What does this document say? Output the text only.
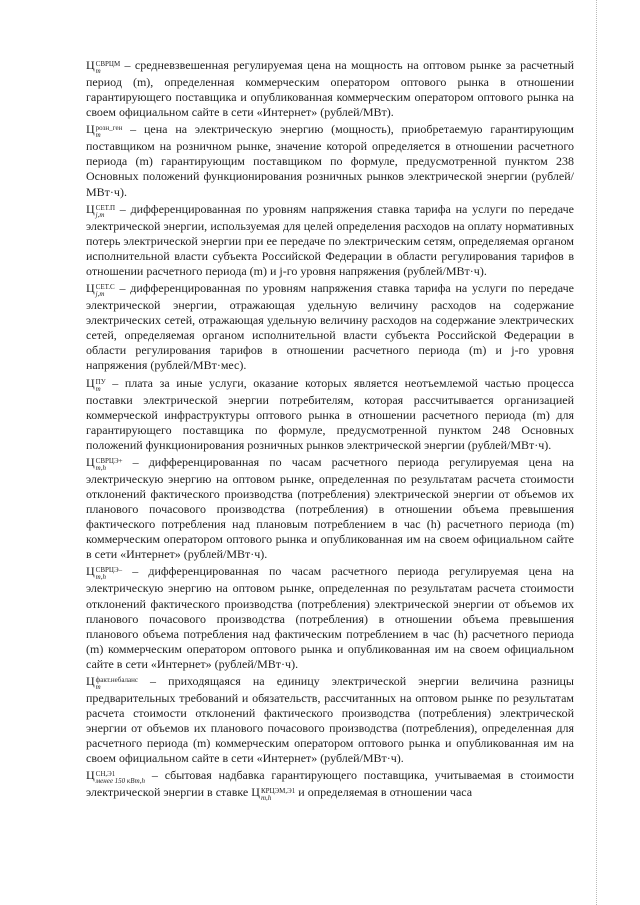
Ц СВРЦМ
m	– средневзвешенная регулируемая цена на мощность на оптовом рынке за расчетный период (m), определенная коммерческим оператором оптового рынка в отношении гарантирующего поставщика и опубликованная коммерческим оператором оптового рынка на своем официальном сайте в сети «Интернет» (рублей/МВт).

Ц розн_ген
m	– цена на электрическую энергию (мощность), приобретаемую гарантирующим поставщиком на розничном рынке, значение которой определяется в отношении расчетного периода (m) гарантирующим поставщиком по формуле, предусмотренной пунктом 238 Основных положений функционирования розничных рынков электрической энергии (рублей/МВт·ч).

Ц СЕТ.П
j,m – дифференцированная по уровням напряжения ставка тарифа на услуги по передаче электрической энергии, используемая для целей определения расходов на оплату нормативных потерь электрической энергии при ее передаче по электрическим сетям, определяемая органом исполнительной власти субъекта Российской Федерации в области регулирования тарифов в отношении расчетного периода (m) и j-го уровня напряжения (рублей/МВт·ч).

Ц СЕТ.С
j,m – дифференцированная по уровням напряжения ставка тарифа на услуги по передаче электрической энергии, отражающая удельную величину расходов на содержание электрических сетей, отражающая удельную величину расходов на содержание электрических сетей, определяемая органом исполнительной власти субъекта Российской Федерации в области регулирования тарифов в отношении расчетного периода (m) и j-го уровня напряжения (рублей/МВт·мес).

Ц ПУ
m – плата за иные услуги, оказание которых является неотъемлемой частью процесса поставки электрической энергии потребителям, которая рассчитывается организацией коммерческой инфраструктуры оптового рынка в отношении расчетного периода (m) для гарантирующего поставщика по формуле, предусмотренной пунктом 248 Основных положений функционирования розничных рынков электрической энергии (рублей/МВт·ч).

Ц СВРЦЭ+
m,h	– дифференцированная по часам расчетного периода регулируемая цена на электрическую энергию на оптовом рынке, определенная по результатам расчета стоимости отклонений фактического производства (потребления) электрической энергии от объемов их планового почасового производства (потребления) в отношении объема превышения фактического потребления над плановым потреблением в час (h) расчетного периода (m) коммерческим оператором оптового рынка и опубликованная им на своем официальном сайте в сети «Интернет» (рублей/МВт·ч).

Ц СВРЦЭ–
m,h	– дифференцированная по часам расчетного периода регулируемая цена на электрическую энергию на оптовом рынке, определенная по результатам расчета стоимости отклонений фактического производства (потребления) электрической энергии от объемов их планового почасового производства (потребления) в отношении объема превышения планового объема потребления над фактическим потреблением в час (h) расчетного периода (m) коммерческим оператором оптового рынка и опубликованная им на своем официальном сайте в сети «Интернет» (рублей/МВт·ч).

Ц факт.небаланс
m	– приходящаяся на единицу электрической энергии величина разницы предварительных требований и обязательств, рассчитанных на оптовом рынке по результатам расчета стоимости отклонений фактического производства (потребления) электрической энергии от объемов их планового почасового производства (потребления), определенная для расчетного периода (m) коммерческим оператором оптового рынка и опубликованная им на своем официальном сайте в сети «Интернет» (рублей/МВт·ч).

Ц СН,Э1
менее 150 кВт,h – сбытовая надбавка гарантирующего поставщика, учитываемая в стоимости электрической энергии в ставке Ц КРЦЭМ,Э1
m,h	и определяемая в отношении часа
